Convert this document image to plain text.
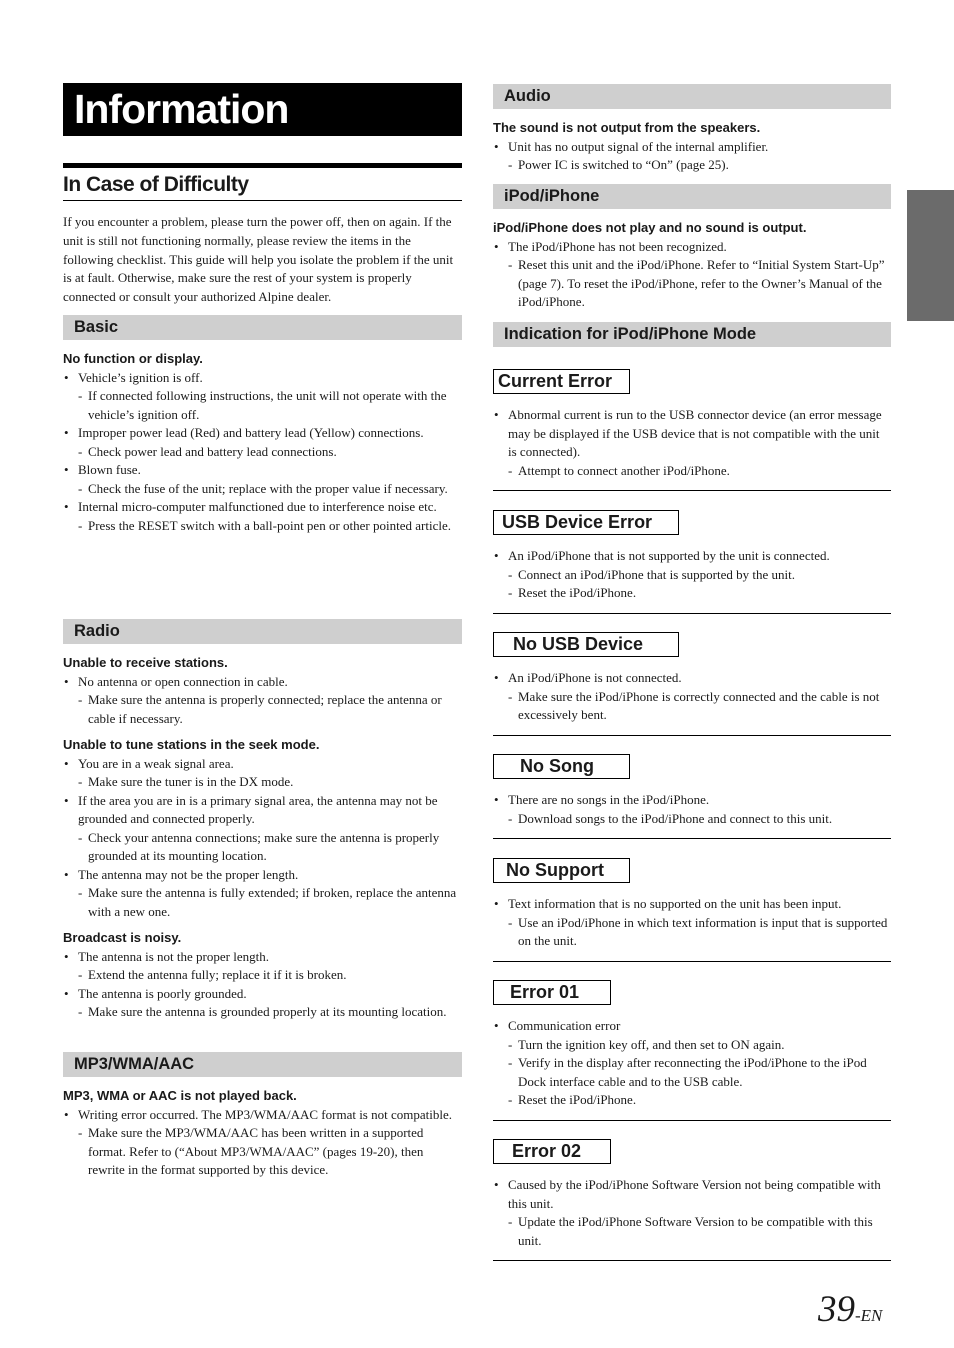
Information
In Case of Difficulty
If you encounter a problem, please turn the power off, then on again. If the unit is still not functioning normally, please review the items in the following checklist. This guide will help you isolate the problem if the unit is at fault. Otherwise, make sure the rest of your system is properly connected or consult your authorized Alpine dealer.
Basic

No function or display.

• Vehicle’s ignition is off.
- If connected following instructions, the unit will not operate with the vehicle’s ignition off.
• Improper power lead (Red) and battery lead (Yellow) connections.
- Check power lead and battery lead connections.
• Blown fuse.
- Check the fuse of the unit; replace with the proper value if necessary.
• Internal micro-computer malfunctioned due to interference noise etc.
- Press the RESET switch with a ball-point pen or other pointed article.
Radio

Unable to receive stations.

• No antenna or open connection in cable.
- Make sure the antenna is properly connected; replace the antenna or cable if necessary.

Unable to tune stations in the seek mode.

• You are in a weak signal area.
- Make sure the tuner is in the DX mode.
• If the area you are in is a primary signal area, the antenna may not be grounded and connected properly.
- Check your antenna connections; make sure the antenna is properly grounded at its mounting location.
• The antenna may not be the proper length.
- Make sure the antenna is fully extended; if broken, replace the antenna with a new one.

Broadcast is noisy.

• The antenna is not the proper length.
- Extend the antenna fully; replace it if it is broken.
• The antenna is poorly grounded.
- Make sure the antenna is grounded properly at its mounting location.
MP3/WMA/AAC

MP3, WMA or AAC is not played back.

• Writing error occurred. The MP3/WMA/AAC format is not compatible.
- Make sure the MP3/WMA/AAC has been written in a supported format. Refer to (“About MP3/WMA/AAC” (pages 19-20), then rewrite in the format supported by this device.
Audio

The sound is not output from the speakers.

• Unit has no output signal of the internal amplifier.
- Power IC is switched to “On” (page 25).
iPod/iPhone

iPod/iPhone does not play and no sound is output.

• The iPod/iPhone has not been recognized.
- Reset this unit and the iPod/iPhone. Refer to “Initial System Start-Up” (page 7). To reset the iPod/iPhone, refer to the Owner’s Manual of the iPod/iPhone.
Indication for iPod/iPhone Mode
Current Error
• Abnormal current is run to the USB connector device (an error message may be displayed if the USB device that is not compatible with the unit is connected).
- Attempt to connect another iPod/iPhone.
USB Device Error
• An iPod/iPhone that is not supported by the unit is connected.
- Connect an iPod/iPhone that is supported by the unit.
- Reset the iPod/iPhone.
No USB Device
• An iPod/iPhone is not connected.
- Make sure the iPod/iPhone is correctly connected and the cable is not excessively bent.
No Song
• There are no songs in the iPod/iPhone.
- Download songs to the iPod/iPhone and connect to this unit.
No Support
• Text information that is no supported on the unit has been input.
- Use an iPod/iPhone in which text information is input that is supported on the unit.
Error 01
• Communication error
- Turn the ignition key off, and then set to ON again.
- Verify in the display after reconnecting the iPod/iPhone to the iPod Dock interface cable and to the USB cable.
- Reset the iPod/iPhone.
Error 02
• Caused by the iPod/iPhone Software Version not being compatible with this unit.
- Update the iPod/iPhone Software Version to be compatible with this unit.
39-EN
